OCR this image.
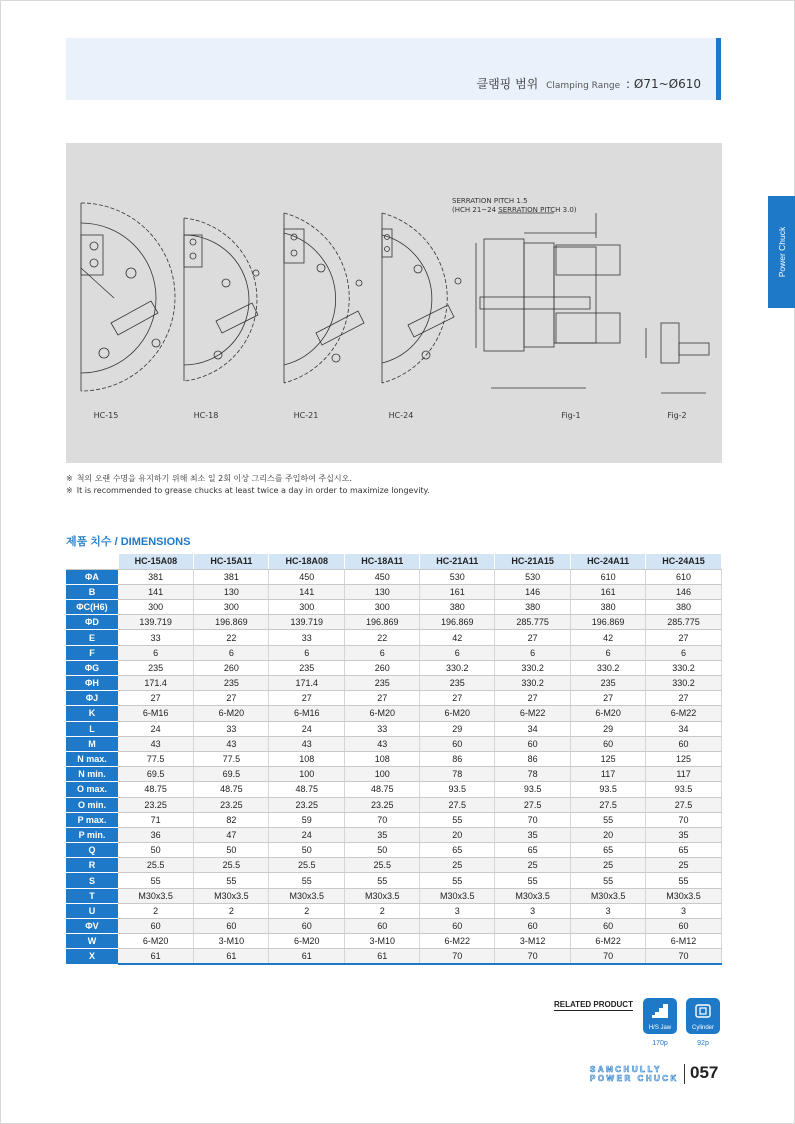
클램핑 범위 Clamping Range : Ø71~Ø610
Power Chuck
SERRATION PITCH 1.5
(HCH 21~24 SERRATION PITCH 3.0)
HC-15	HC-18	HC-21	HC-24	Fig-1	Fig-2
※ 척의 오랜 수명을 유지하기 위해 최소 일 2회 이상 그리스를 주입하여 주십시오.
※ It is recommended to grease chucks at least twice a day in order to maximize longevity.
제품 치수 / DIMENSIONS
	HC-15A08	HC-15A11	HC-18A08	HC-18A11	HC-21A11	HC-21A15	HC-24A11	HC-24A15
ΦA	381	381	450	450	530	530	610	610
B	141	130	141	130	161	146	161	146
ΦC(H6)	300	300	300	300	380	380	380	380
ΦD	139.719	196.869	139.719	196.869	196.869	285.775	196.869	285.775
E	33	22	33	22	42	27	42	27
F	6	6	6	6	6	6	6	6
ΦG	235	260	235	260	330.2	330.2	330.2	330.2
ΦH	171.4	235	171.4	235	235	330.2	235	330.2
ΦJ	27	27	27	27	27	27	27	27
K	6-M16	6-M20	6-M16	6-M20	6-M20	6-M22	6-M20	6-M22
L	24	33	24	33	29	34	29	34
M	43	43	43	43	60	60	60	60
N max.	77.5	77.5	108	108	86	86	125	125
N min.	69.5	69.5	100	100	78	78	117	117
O max.	48.75	48.75	48.75	48.75	93.5	93.5	93.5	93.5
O min.	23.25	23.25	23.25	23.25	27.5	27.5	27.5	27.5
P max.	71	82	59	70	55	70	55	70
P min.	36	47	24	35	20	35	20	35
Q	50	50	50	50	65	65	65	65
R	25.5	25.5	25.5	25.5	25	25	25	25
S	55	55	55	55	55	55	55	55
T	M30x3.5	M30x3.5	M30x3.5	M30x3.5	M30x3.5	M30x3.5	M30x3.5	M30x3.5
U	2	2	2	2	3	3	3	3
ΦV	60	60	60	60	60	60	60	60
W	6-M20	3-M10	6-M20	3-M10	6-M22	3-M12	6-M22	6-M12
X	61	61	61	61	70	70	70	70
RELATED PRODUCT
H/S Jaw
170p
Cylinder
92p
SAMCHULLY
POWER CHUCK 057
